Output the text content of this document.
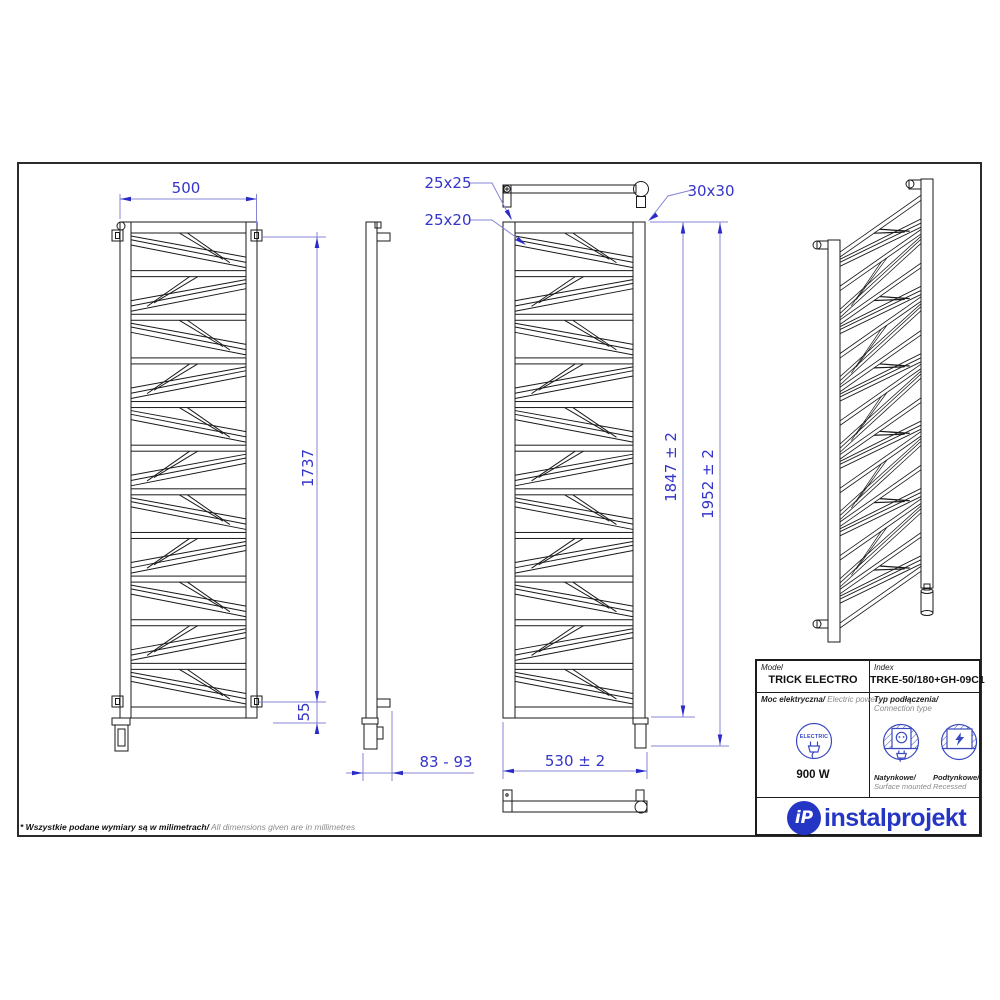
500
1737
55
83 - 93
25x25
25x20
30x30
1847 ± 2 1952 ± 2
530 ± 2
Model
TRICK ELECTRO
Index
TRKE-50/180+GH-09C1
Moc elektryczna/ Electric power
ELECTRIC
900 W
Typ podłączenia/
Connection type
Natynkowe/
Surface mounted
Podtynkowe/
Recessed
iP instalprojekt
* Wszystkie podane wymiary są w milimetrach/ All dimensions given are in millimetres
